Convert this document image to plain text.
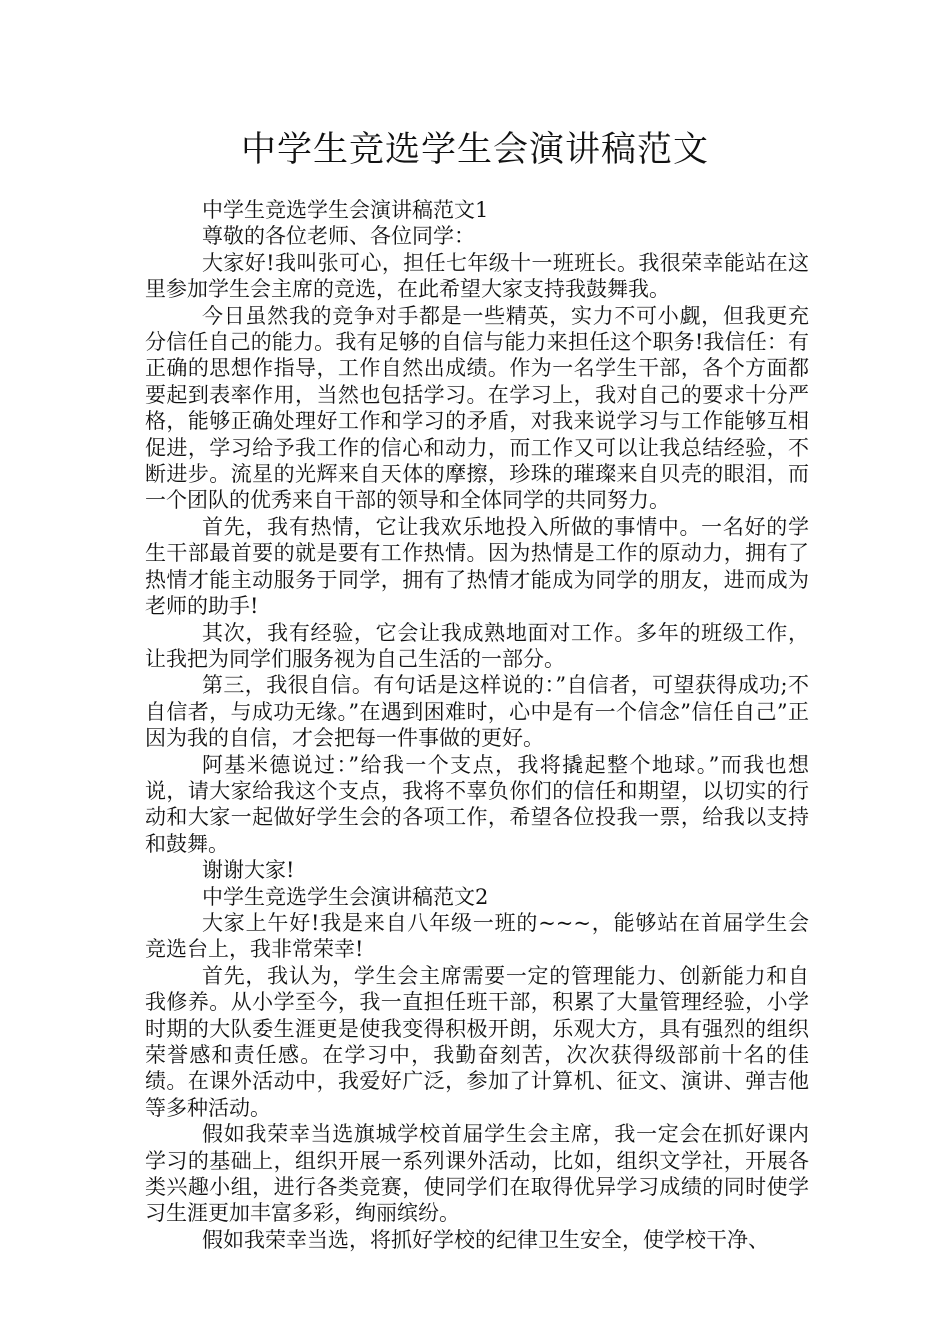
中学生竞选学生会演讲稿范文

中学生竞选学生会演讲稿范文1

尊敬的各位老师、各位同学：

大家好!我叫张可心，担任七年级十一班班长。我很荣幸能站在这里参加学生会主席的竞选，在此希望大家支持我鼓舞我。

今日虽然我的竞争对手都是一些精英，实力不可小觑，但我更充分信任自己的能力。我有足够的自信与能力来担任这个职务!我信任：有正确的思想作指导，工作自然出成绩。作为一名学生干部，各个方面都要起到表率作用，当然也包括学习。在学习上，我对自己的要求十分严格，能够正确处理好工作和学习的矛盾，对我来说学习与工作能够互相促进，学习给予我工作的信心和动力，而工作又可以让我总结经验，不断进步。流星的光辉来自天体的摩擦，珍珠的璀璨来自贝壳的眼泪，而一个团队的优秀来自干部的领导和全体同学的共同努力。

首先，我有热情，它让我欢乐地投入所做的事情中。一名好的学生干部最首要的就是要有工作热情。因为热情是工作的原动力，拥有了热情才能主动服务于同学，拥有了热情才能成为同学的朋友，进而成为老师的助手!

其次，我有经验，它会让我成熟地面对工作。多年的班级工作，让我把为同学们服务视为自己生活的一部分。

第三，我很自信。有句话是这样说的：”自信者，可望获得成功;不自信者，与成功无缘。”在遇到困难时，心中是有一个信念”信任自己”正因为我的自信，才会把每一件事做的更好。

阿基米德说过：”给我一个支点，我将撬起整个地球。”而我也想说，请大家给我这个支点，我将不辜负你们的信任和期望，以切实的行动和大家一起做好学生会的各项工作，希望各位投我一票，给我以支持和鼓舞。

谢谢大家!

中学生竞选学生会演讲稿范文2

大家上午好!我是来自八年级一班的~~~，能够站在首届学生会竞选台上，我非常荣幸!

首先，我认为，学生会主席需要一定的管理能力、创新能力和自我修养。从小学至今，我一直担任班干部，积累了大量管理经验，小学时期的大队委生涯更是使我变得积极开朗，乐观大方，具有强烈的组织荣誉感和责任感。在学习中，我勤奋刻苦，次次获得级部前十名的佳绩。在课外活动中，我爱好广泛，参加了计算机、征文、演讲、弹吉他等多种活动。

假如我荣幸当选旗城学校首届学生会主席，我一定会在抓好课内学习的基础上，组织开展一系列课外活动，比如，组织文学社，开展各类兴趣小组，进行各类竞赛，使同学们在取得优异学习成绩的同时使学习生涯更加丰富多彩，绚丽缤纷。

假如我荣幸当选，将抓好学校的纪律卫生安全，使学校干净、
